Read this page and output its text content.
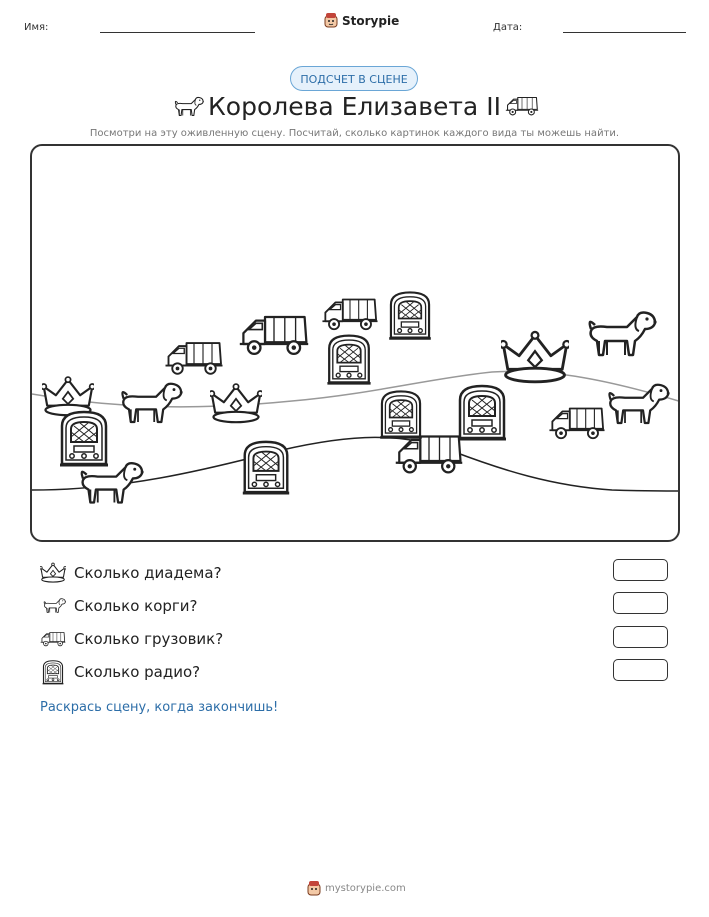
Имя:	Storypie	Дата:
ПОДСЧЕТ В СЦЕНЕ
Королева Елизавета II
Посмотри на эту оживленную сцену. Посчитай, сколько картинок каждого вида ты можешь найти.
Сколько диадема?
Сколько корги?
Сколько грузовик?
Сколько радио?
Раскрась сцену, когда закончишь!
mystorypie.com
